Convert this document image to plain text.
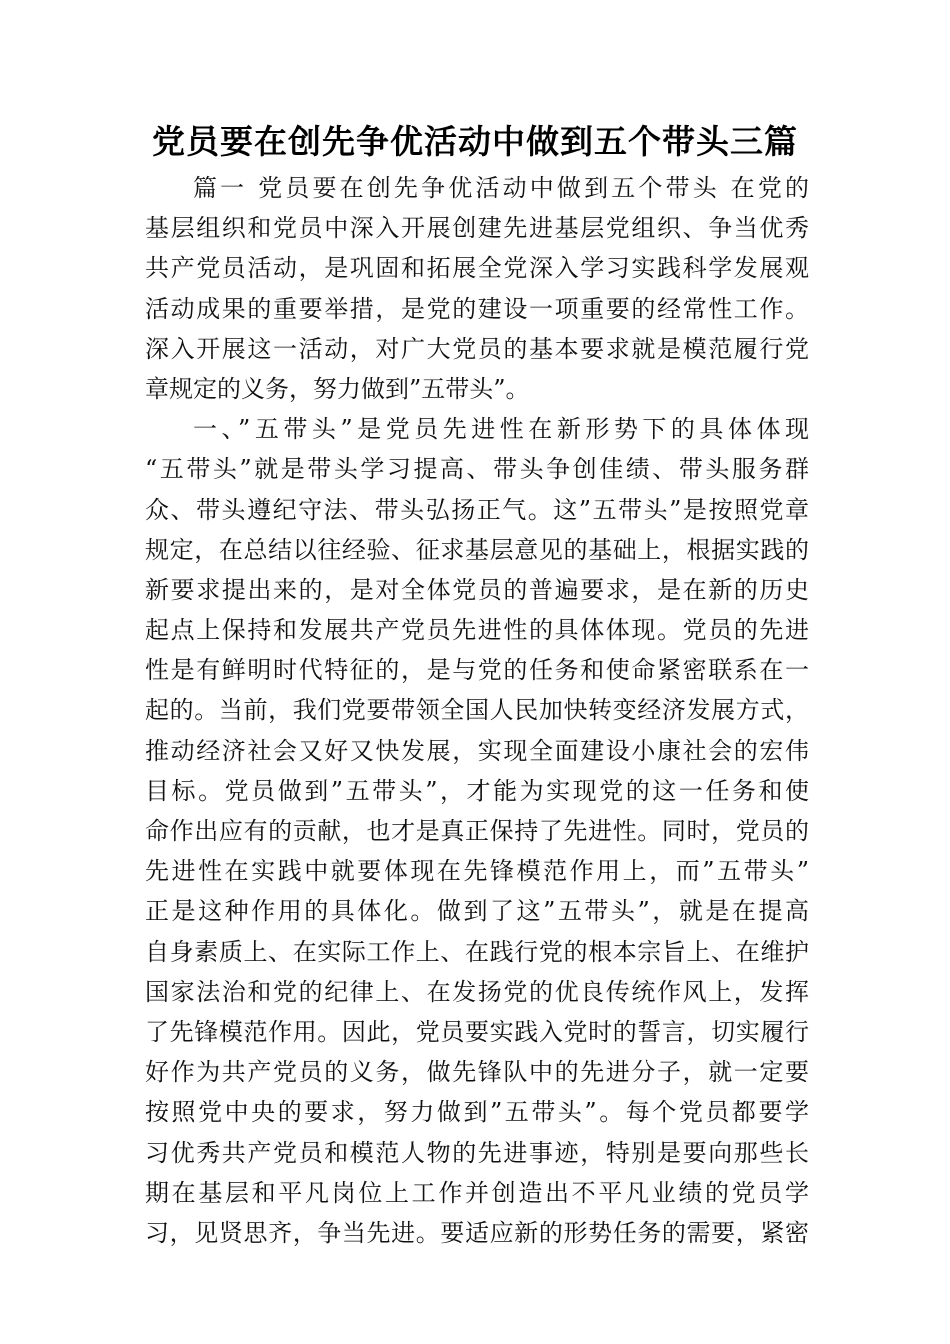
党员要在创先争优活动中做到五个带头三篇
篇一 党员要在创先争优活动中做到五个带头 在党的
基层组织和党员中深入开展创建先进基层党组织、争当优秀
共产党员活动，是巩固和拓展全党深入学习实践科学发展观
活动成果的重要举措，是党的建设一项重要的经常性工作。
深入开展这一活动，对广大党员的基本要求就是模范履行党
章规定的义务，努力做到”五带头”。
一、”五带头”是党员先进性在新形势下的具体体现
“五带头”就是带头学习提高、带头争创佳绩、带头服务群
众、带头遵纪守法、带头弘扬正气。这”五带头”是按照党章
规定，在总结以往经验、征求基层意见的基础上，根据实践的
新要求提出来的，是对全体党员的普遍要求，是在新的历史
起点上保持和发展共产党员先进性的具体体现。党员的先进
性是有鲜明时代特征的，是与党的任务和使命紧密联系在一
起的。当前，我们党要带领全国人民加快转变经济发展方式，
推动经济社会又好又快发展，实现全面建设小康社会的宏伟
目标。党员做到”五带头”，才能为实现党的这一任务和使
命作出应有的贡献，也才是真正保持了先进性。同时，党员的
先进性在实践中就要体现在先锋模范作用上，而”五带头”
正是这种作用的具体化。做到了这”五带头”，就是在提高
自身素质上、在实际工作上、在践行党的根本宗旨上、在维护
国家法治和党的纪律上、在发扬党的优良传统作风上，发挥
了先锋模范作用。因此，党员要实践入党时的誓言，切实履行
好作为共产党员的义务，做先锋队中的先进分子，就一定要
按照党中央的要求，努力做到”五带头”。每个党员都要学
习优秀共产党员和模范人物的先进事迹，特别是要向那些长
期在基层和平凡岗位上工作并创造出不平凡业绩的党员学
习，见贤思齐，争当先进。要适应新的形势任务的需要，紧密
